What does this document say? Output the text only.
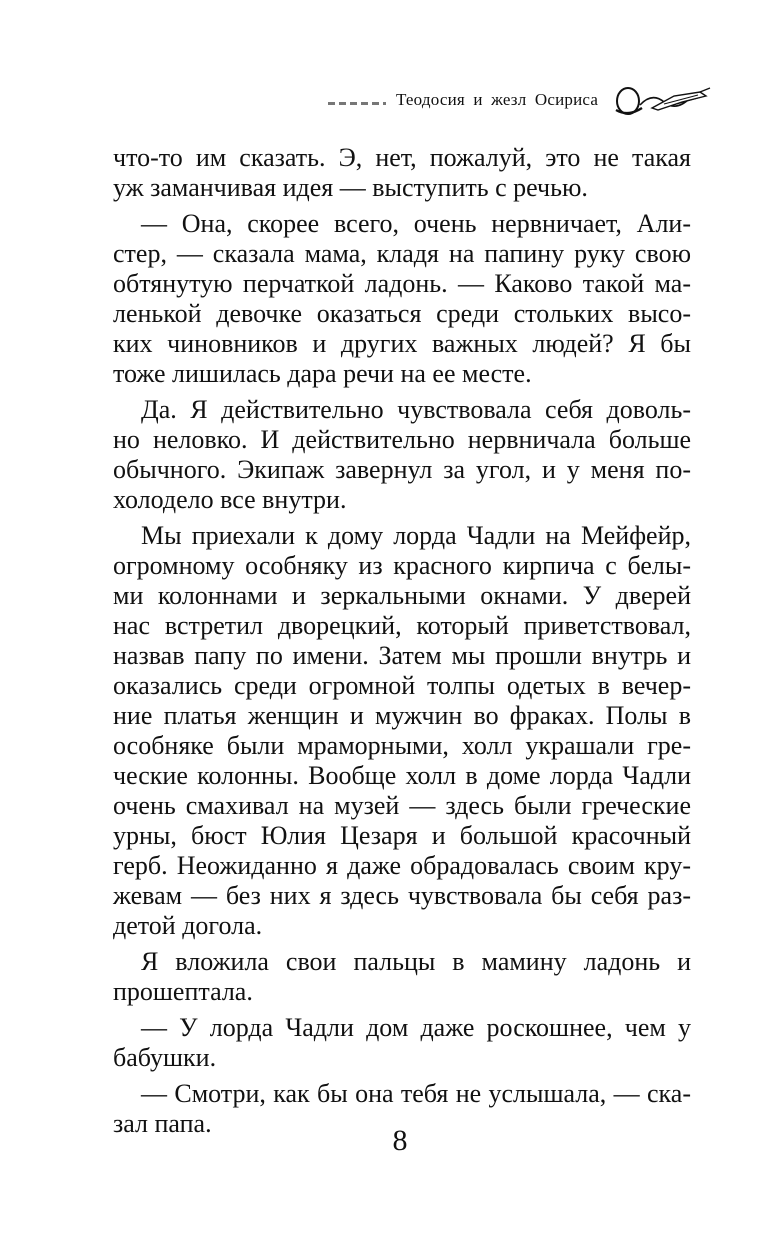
Теодосия и жезл Осириса

что-то им сказать. Э, нет, пожалуй, это не такая

уж заманчивая идея — выступить с речью.

— Она, скорее всего, очень нервничает, Али-

стер, — сказала мама, кладя на папину руку свою

обтянутую перчаткой ладонь. — Каково такой ма-

ленькой девочке оказаться среди стольких высо-

ких чиновников и других важных людей? Я бы

тоже лишилась дара речи на ее месте.

Да. Я действительно чувствовала себя доволь-

но неловко. И действительно нервничала больше

обычного. Экипаж завернул за угол, и у меня по-

холодело все внутри.

Мы приехали к дому лорда Чадли на Мейфейр,

огромному особняку из красного кирпича с белы-

ми колоннами и зеркальными окнами. У дверей

нас встретил дворецкий, который приветствовал,

назвав папу по имени. Затем мы прошли внутрь и

оказались среди огромной толпы одетых в вечер-

ние платья женщин и мужчин во фраках. Полы в

особняке были мраморными, холл украшали гре-

ческие колонны. Вообще холл в доме лорда Чадли

очень смахивал на музей — здесь были греческие

урны, бюст Юлия Цезаря и большой красочный

герб. Неожиданно я даже обрадовалась своим кру-

жевам — без них я здесь чувствовала бы себя раз-

детой догола.

Я вложила свои пальцы в мамину ладонь и

прошептала.

— У лорда Чадли дом даже роскошнее, чем у

бабушки.

— Смотри, как бы она тебя не услышала, — ска-

зал папа.

8
